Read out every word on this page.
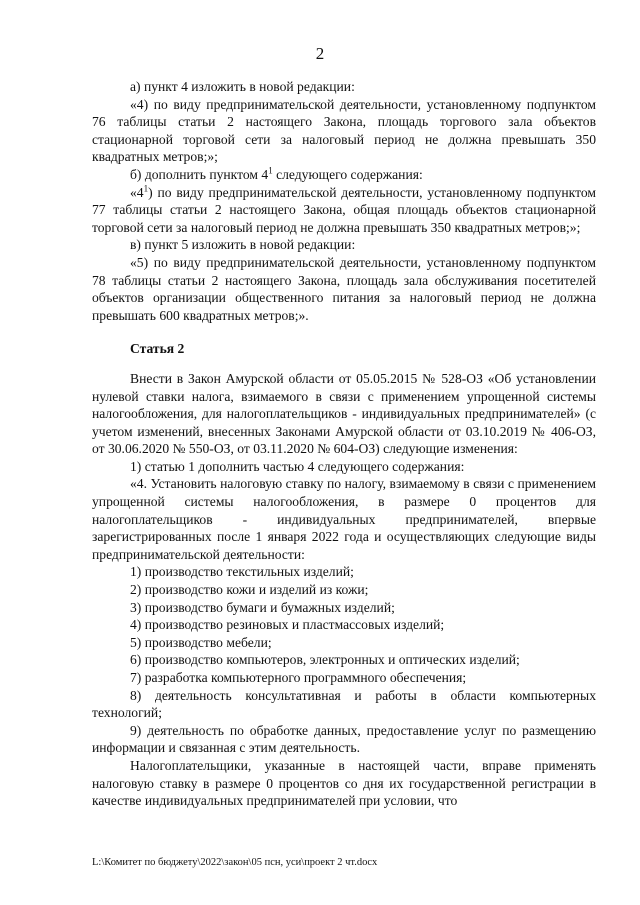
2

а) пункт 4 изложить в новой редакции:

«4) по виду предпринимательской деятельности, установленному подпунктом 76 таблицы статьи 2 настоящего Закона, площадь торгового зала объектов стационарной торговой сети за налоговый период не должна превышать 350 квадратных метров;»;

б) дополнить пунктом $4^1$ следующего содержания:

«$4^1$) по виду предпринимательской деятельности, установленному подпунктом 77 таблицы статьи 2 настоящего Закона, общая площадь объектов стационарной торговой сети за налоговый период не должна превышать 350 квадратных метров;»;

в) пункт 5 изложить в новой редакции:

«5) по виду предпринимательской деятельности, установленному подпунктом 78 таблицы статьи 2 настоящего Закона, площадь зала обслуживания посетителей объектов организации общественного питания за налоговый период не должна превышать 600 квадратных метров;».

Статья 2

Внести в Закон Амурской области от 05.05.2015 № 528-ОЗ «Об установлении нулевой ставки налога, взимаемого в связи с применением упрощенной системы налогообложения, для налогоплательщиков - индивидуальных предпринимателей» (с учетом изменений, внесенных Законами Амурской области от 03.10.2019 № 406-ОЗ, от 30.06.2020 № 550-ОЗ, от 03.11.2020 № 604-ОЗ) следующие изменения:

1) статью 1 дополнить частью 4 следующего содержания:

«4. Установить налоговую ставку по налогу, взимаемому в связи с применением упрощенной системы налогообложения, в размере 0 процентов для налогоплательщиков - индивидуальных предпринимателей, впервые зарегистрированных после 1 января 2022 года и осуществляющих следующие виды предпринимательской деятельности:

1) производство текстильных изделий;

2) производство кожи и изделий из кожи;

3) производство бумаги и бумажных изделий;

4) производство резиновых и пластмассовых изделий;

5) производство мебели;

6) производство компьютеров, электронных и оптических изделий;

7) разработка компьютерного программного обеспечения;

8) деятельность консультативная и работы в области компьютерных технологий;

9) деятельность по обработке данных, предоставление услуг по размещению информации и связанная с этим деятельность.

Налогоплательщики, указанные в настоящей части, вправе применять налоговую ставку в размере 0 процентов со дня их государственной регистрации в качестве индивидуальных предпринимателей при условии, что

L:\Комитет по бюджету\2022\закон\05 псн, уси\проект 2 чт.docx
